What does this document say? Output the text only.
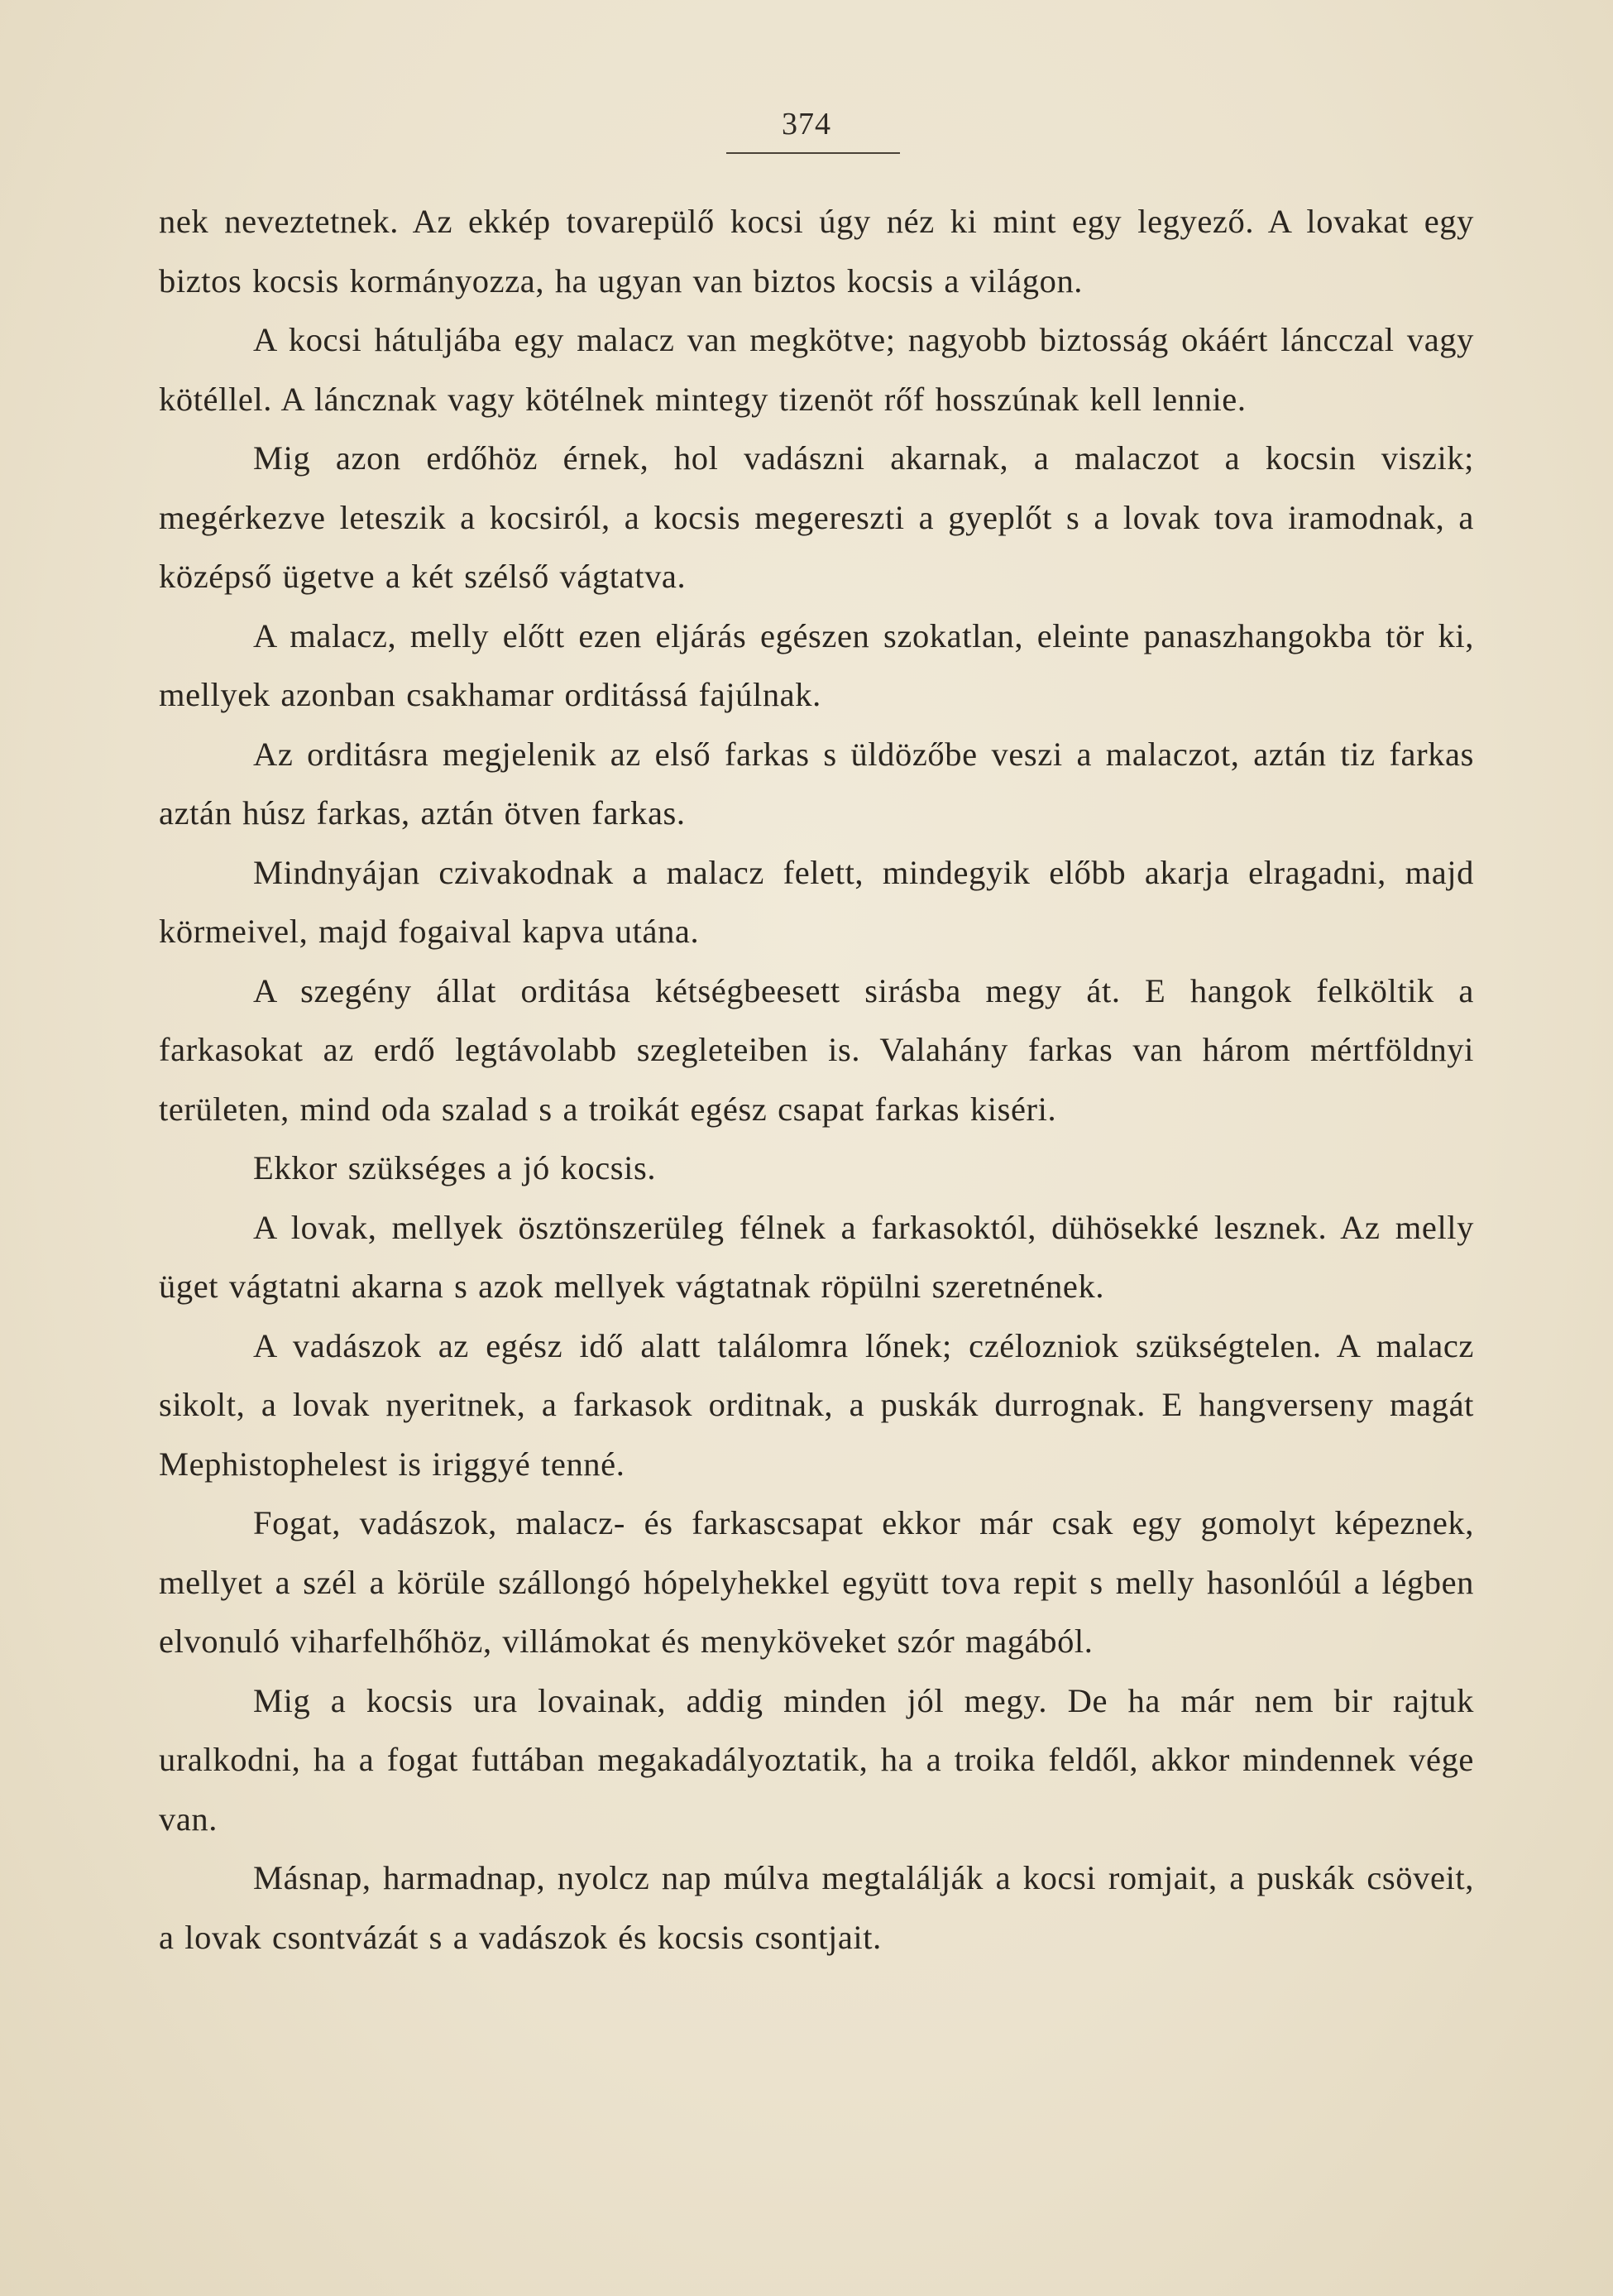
374

nek neveztetnek. Az ekkép tovarepülő kocsi úgy néz ki mint egy legyező. A lovakat egy biztos kocsis kormányozza, ha ugyan van biztos kocsis a világon.

A kocsi hátuljába egy malacz van megkötve; nagyobb biztosság okáért láncczal vagy kötéllel. A láncznak vagy kötélnek mintegy tizenöt rőf hosszúnak kell lennie.

Mig azon erdőhöz érnek, hol vadászni akarnak, a malaczot a kocsin viszik; megérkezve leteszik a kocsiról, a kocsis megereszti a gyeplőt s a lovak tova iramodnak, a középső ügetve a két szélső vágtatva.

A malacz, melly előtt ezen eljárás egészen szokatlan, eleinte panaszhangokba tör ki, mellyek azonban csakhamar orditássá fajúlnak.

Az orditásra megjelenik az első farkas s üldözőbe veszi a malaczot, aztán tiz farkas aztán húsz farkas, aztán ötven farkas.

Mindnyájan czivakodnak a malacz felett, mindegyik előbb akarja elragadni, majd körmeivel, majd fogaival kapva utána.

A szegény állat orditása kétségbeesett sirásba megy át. E hangok felköltik a farkasokat az erdő legtávolabb szegleteiben is. Valahány farkas van három mértföldnyi területen, mind oda szalad s a troikát egész csapat farkas kiséri.

Ekkor szükséges a jó kocsis.

A lovak, mellyek ösztönszerüleg félnek a farkasoktól, dühösekké lesznek. Az melly üget vágtatni akarna s azok mellyek vágtatnak röpülni szeretnének.

A vadászok az egész idő alatt találomra lőnek; czélozniok szükségtelen. A malacz sikolt, a lovak nyeritnek, a farkasok orditnak, a puskák durrognak. E hangverseny magát Mephistophelest is iriggyé tenné.

Fogat, vadászok, malacz- és farkascsapat ekkor már csak egy gomolyt képeznek, mellyet a szél a körüle szállongó hópelyhekkel együtt tova repit s melly hasonlóúl a légben elvonuló viharfelhőhöz, villámokat és menyköveket szór magából.

Mig a kocsis ura lovainak, addig minden jól megy. De ha már nem bir rajtuk uralkodni, ha a fogat futtában megakadályoztatik, ha a troika feldől, akkor mindennek vége van.

Másnap, harmadnap, nyolcz nap múlva megtalálják a kocsi romjait, a puskák csöveit, a lovak csontvázát s a vadászok és kocsis csontjait.
